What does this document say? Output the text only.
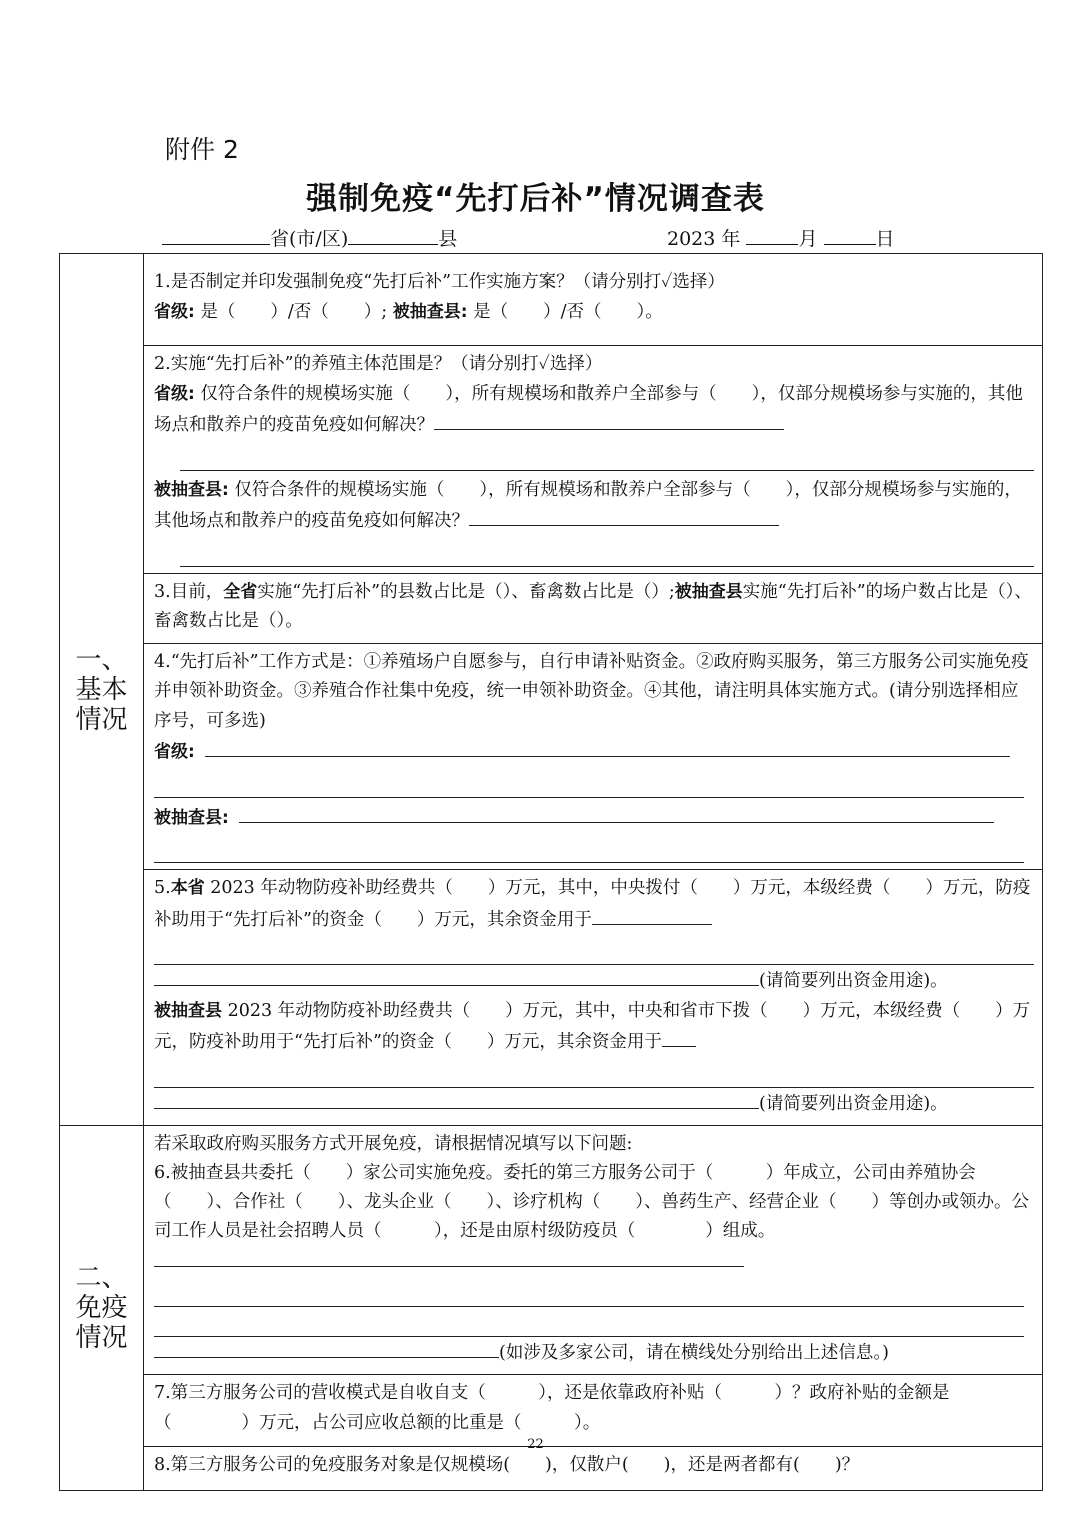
附件 2
强制免疫“先打后补”情况调查表
省(市/区)	县	2023 年	月	日
一、基本情况	1.是否制定并印发强制免疫“先打后补”工作实施方案？（请分别打✓选择）
省级: 是（　　）/否（　　）; 被抽查县: 是（　　）/否（　　）。

	2.实施“先打后补”的养殖主体范围是？（请分别打✓选择）
省级: 仅符合条件的规模场实施（　　），所有规模场和散养户全部参与（　　），仅部分规模场参与实施的，其他场点和散养户的疫苗免疫如何解决？
被抽查县: 仅符合条件的规模场实施（　　），所有规模场和散养户全部参与（　　），仅部分规模场参与实施的，其他场点和散养户的疫苗免疫如何解决？

	3.目前，全省实施“先打后补”的县数占比是（）、畜禽数占比是（）;被抽查县实施“先打后补”的场户数占比是（）、畜禽数占比是（）。

	4.“先打后补”工作方式是：①养殖场户自愿参与，自行申请补贴资金。②政府购买服务，第三方服务公司实施免疫并申领补助资金。③养殖合作社集中免疫，统一申领补助资金。④其他，请注明具体实施方式。(请分别选择相应序号，可多选)
省级:
被抽查县:

	5.本省 2023 年动物防疫补助经费共（　　）万元，其中，中央拨付（　　）万元，本级经费（　　）万元，防疫补助用于“先打后补”的资金（　　）万元，其余资金用于
(请简要列出资金用途)。
被抽查县 2023 年动物防疫补助经费共（　　）万元，其中，中央和省市下拨（　　）万元，本级经费（　　）万元，防疫补助用于“先打后补”的资金（　　）万元，其余资金用于
(请简要列出资金用途)。

二、免疫情况	若采取政府购买服务方式开展免疫，请根据情况填写以下问题:
6.被抽查县共委托（　　）家公司实施免疫。委托的第三方服务公司于（　　　）年成立，公司由养殖协会（　　）、合作社（　　）、龙头企业（　　）、诊疗机构（　　）、兽药生产、经营企业（　　）等创办或领办。公司工作人员是社会招聘人员（　　　），还是由原村级防疫员（　　　　）组成。
(如涉及多家公司，请在横线处分别给出上述信息。)

	7.第三方服务公司的营收模式是自收自支（　　　），还是依靠政府补贴（　　　）？政府补贴的金额是（　　　　）万元，占公司应收总额的比重是（　　　）。

	8.第三方服务公司的免疫服务对象是仅规模场(　　)，仅散户(　　)，还是两者都有(　　)？
22
